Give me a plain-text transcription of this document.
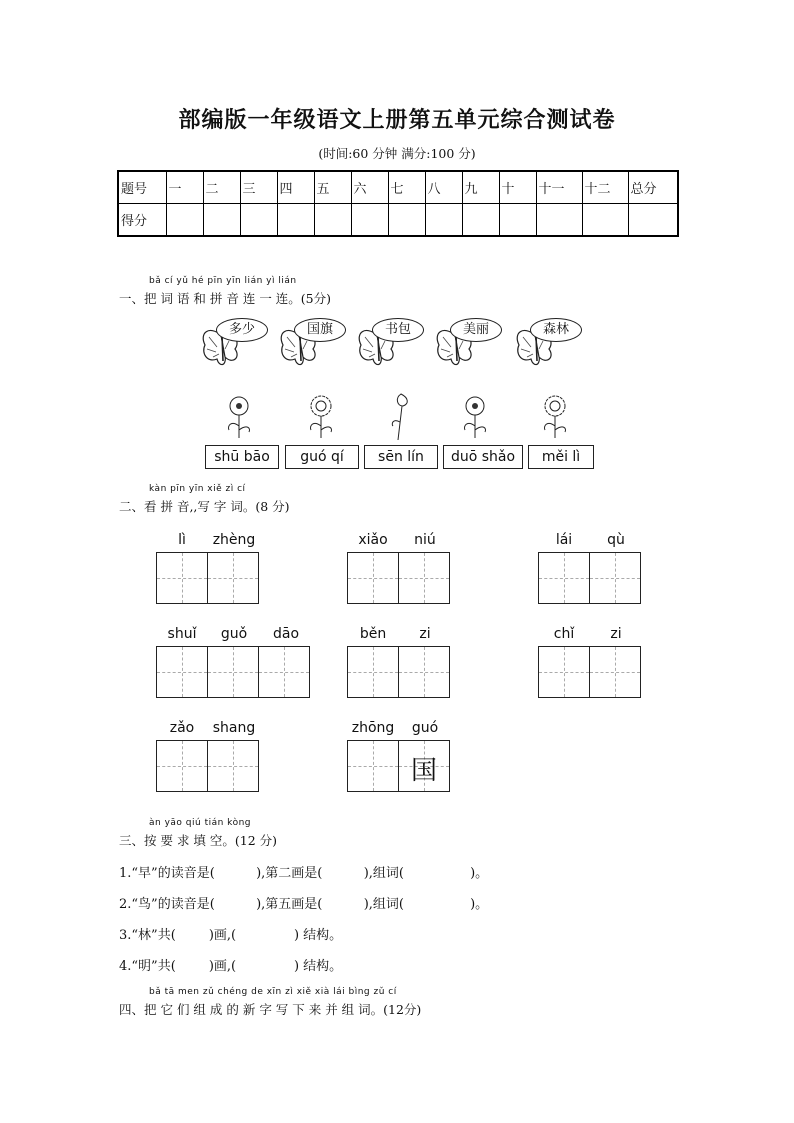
部编版一年级语文上册第五单元综合测试卷
(时间:60 分钟 满分:100 分)
题号	一	二	三	四	五	六	七	八	九	十	十一	十二	总分
得分													
bǎ cí yǔ hé pīn yīn lián yì lián
一、把 词 语 和 拼 音 连 一 连。(5分)
多少	国旗	书包	美丽	森林
shū bāo	guó qí	sēn lín	duō shǎo	měi lì
kàn pīn yīn xiě zì cí
二、看 拼 音,,写 字 词。(8 分)
lì	zhèng	xiǎo	niú	lái	qù
shuǐ	guǒ	dāo	běn	zi	chǐ	zi
zǎo	shang	zhōng	guó
国
àn yāo qiú tián kòng
三、按 要 求 填 空。(12 分)
1.“早”的读音是(          ),第二画是(          ),组词(                )。
2.“鸟”的读音是(          ),第五画是(          ),组词(                )。
3.“林”共(        )画,(              ) 结构。
4.“明”共(        )画,(              ) 结构。
bǎ tā men zǔ chéng de xīn zì xiě xià lái bìng zǔ cí
四、把 它 们 组 成 的 新 字 写 下 来 并 组 词。(12分)
